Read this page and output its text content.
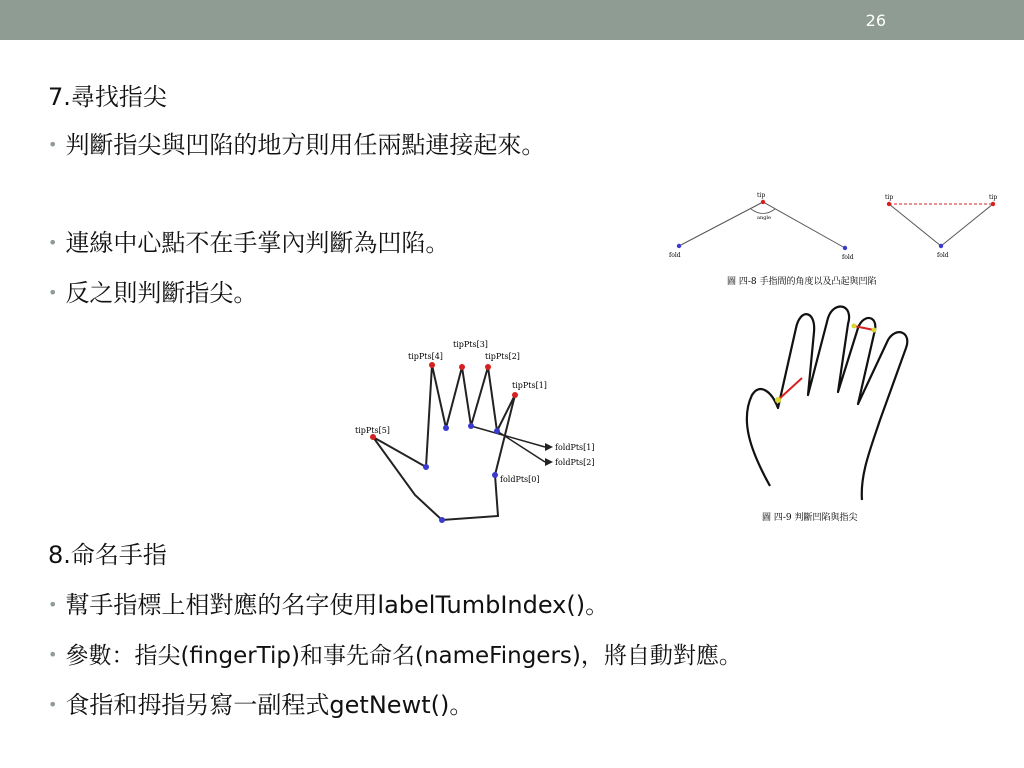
26
7.尋找指尖
• 判斷指尖與凹陷的地方則用任兩點連接起來。
• 連線中心點不在手掌內判斷為凹陷。
• 反之則判斷指尖。
tipPts[4]
tipPts[3]
tipPts[2]
tipPts[1]
tipPts[5]
foldPts[1]
foldPts[2]
foldPts[0]
tip
angle
fold	fold
tip	tip
fold
圖 四-8 手指間的角度以及凸起與凹陷
圖 四-9 判斷凹陷與指尖
8.命名手指
• 幫手指標上相對應的名字使用labelTumbIndex()。
• 參數：指尖(fingerTip)和事先命名(nameFingers)，將自動對應。
• 食指和拇指另寫一副程式getNewt()。
